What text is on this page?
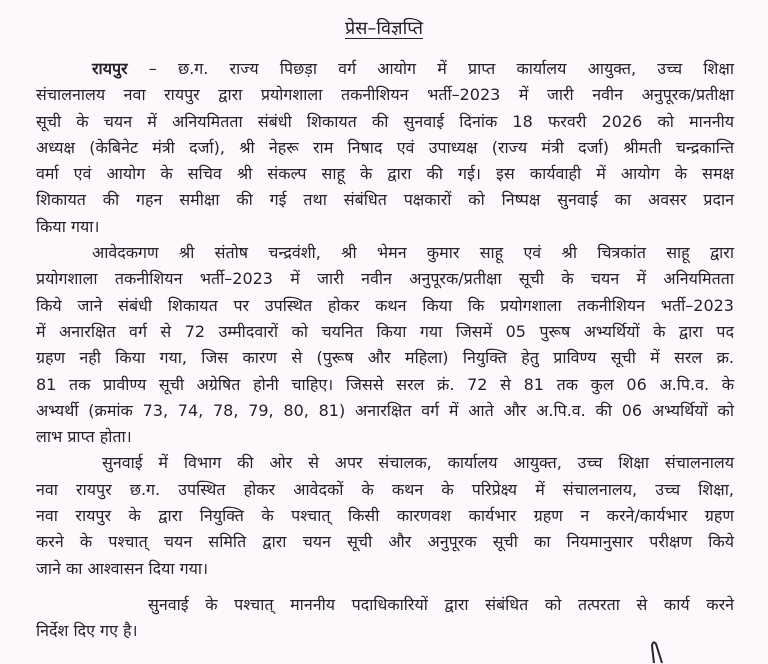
प्रेस–विज्ञप्ति
रायपुर – छ.ग. राज्य पिछड़ा वर्ग आयोग में प्राप्त कार्यालय आयुक्त, उच्च शिक्षा
संचालनालय नवा रायपुर द्वारा प्रयोगशाला तकनीशियन भर्ती–2023 में जारी नवीन अनुपूरक/प्रतीक्षा
सूची के चयन में अनियमितता संबंधी शिकायत की सुनवाई दिनांक 18 फरवरी 2026 को माननीय
अध्यक्ष (केबिनेट मंत्री दर्जा), श्री नेहरू राम निषाद एवं उपाध्यक्ष (राज्य मंत्री दर्जा) श्रीमती चन्द्रकान्ति
वर्मा एवं आयोग के सचिव श्री संकल्प साहू के द्वारा की गई। इस कार्यवाही में आयोग के समक्ष
शिकायत की गहन समीक्षा की गई तथा संबंधित पक्षकारों को निष्पक्ष सुनवाई का अवसर प्रदान
किया गया।
आवेदकगण श्री संतोष चन्द्रवंशी, श्री भेमन कुमार साहू एवं श्री चित्रकांत साहू द्वारा
प्रयोगशाला तकनीशियन भर्ती–2023 में जारी नवीन अनुपूरक/प्रतीक्षा सूची के चयन में अनियमितता
किये जाने संबंधी शिकायत पर उपस्थित होकर कथन किया कि प्रयोगशाला तकनीशियन भर्ती–2023
में अनारक्षित वर्ग से 72 उम्मीदवारों को चयनित किया गया जिसमें 05 पुरूष अभ्यर्थियों के द्वारा पद
ग्रहण नही किया गया, जिस कारण से (पुरूष और महिला) नियुक्ति हेतु प्राविण्य सूची में सरल क्र.
81 तक प्रावीण्य सूची अग्रेषित होनी चाहिए। जिससे सरल क्रं. 72 से 81 तक कुल 06 अ.पि.व. के
अभ्यर्थी (क्रमांक 73, 74, 78, 79, 80, 81) अनारक्षित वर्ग में आते और अ.पि.व. की 06 अभ्यर्थियों को
लाभ प्राप्त होता।
सुनवाई में विभाग की ओर से अपर संचालक, कार्यालय आयुक्त, उच्च शिक्षा संचालनालय
नवा रायपुर छ.ग. उपस्थित होकर आवेदकों के कथन के परिप्रेक्ष्य में संचालनालय, उच्च शिक्षा,
नवा रायपुर के द्वारा नियुक्ति के पश्चात् किसी कारणवश कार्यभार ग्रहण न करने/कार्यभार ग्रहण
करने के पश्चात् चयन समिति द्वारा चयन सूची और अनुपूरक सूची का नियमानुसार परीक्षण किये
जाने का आश्वासन दिया गया।
सुनवाई के पश्चात् माननीय पदाधिकारियों द्वारा संबंधित को तत्परता से कार्य करने
निर्देश दिए गए है।
